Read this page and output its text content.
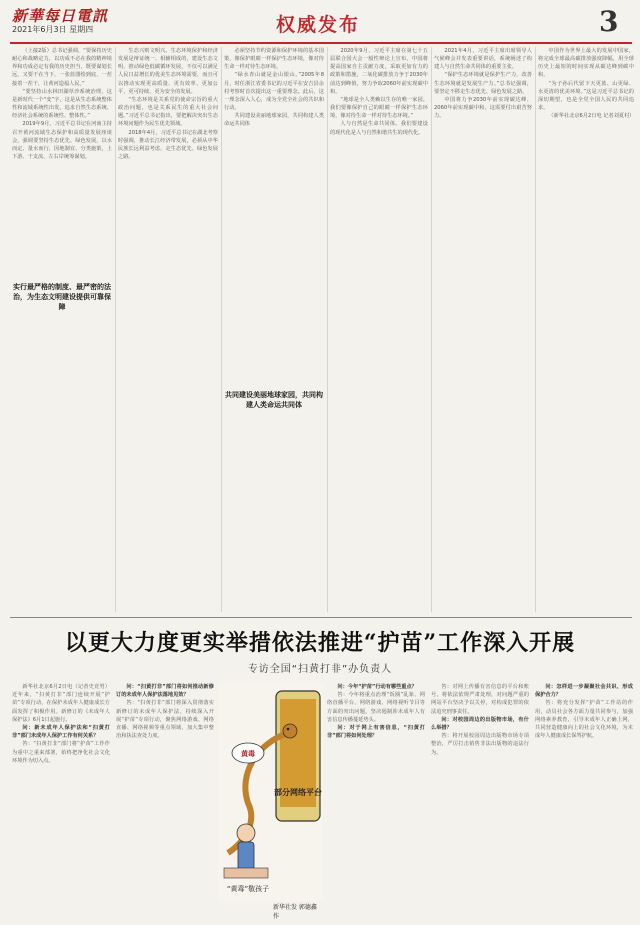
新華每日電訊
2021年6月3日 星期四	权威发布	3

（上接2版）总书记强调，“要保持历史耐心和战略定力，以功成不必在我的精神境界和功成必定有我的历史担当，既要谋划长远，又要干在当下，一张蓝图绘到底，一茬接着一茬干，让黄河造福人民。”

“要坚持山水林田湖草沙系统治理，这是新时代一个“变”字，这是从生态系统整体性和流域系统性出发，追求自然生态系统、经济社会系统的系统性、整体性。”

2019年9月，习近平总书记在河南主持召开黄河流域生态保护和高质量发展座谈会，强调要坚持生态优先、绿色发展，以水而定、量水而行，因地制宜、分类施策，上下游、干支流、左右岸统筹谋划。

生态兴则文明兴。生态环境保护和经济发展是辩证统一、相辅相成的，建设生态文明、推动绿色低碳循环发展，不仅可以满足人民日益增长的优美生态环境需要，而且可以推动实现更高质量、更有效率、更加公平、更可持续、更为安全的发展。

“生态环境是关系党的使命宗旨的重大政治问题，也是关系民生的重大社会问题。”习近平总书记指出，要把解决突出生态环境问题作为民生优先领域。

2018年4月，习近平总书记在湖北考察时强调，推动长江经济带发展，必须从中华民族长远利益考虑，走生态优先、绿色发展之路。

必须坚持节约资源和保护环境的基本国策，像保护眼睛一样保护生态环境，像对待生命一样对待生态环境。

“绿水青山就是金山银山。”2005年8月，时任浙江省委书记的习近平在安吉县余村考察时首次提出这一重要理念。此后，这一理念深入人心，成为全党全社会的共识和行动。

共同建设美丽地球家园，共同构建人类命运共同体

2020年9月，习近平主席在第七十五届联合国大会一般性辩论上宣布，中国将提高国家自主贡献力度，采取更加有力的政策和措施，二氧化碳排放力争于2030年前达到峰值，努力争取2060年前实现碳中和。

“地球是全人类赖以生存的唯一家园。我们要像保护自己的眼睛一样保护生态环境，像对待生命一样对待生态环境。”

人与自然是生命共同体。我们要建设的现代化是人与自然和谐共生的现代化。

2021年4月，习近平主席出席领导人气候峰会并发表重要讲话，系统阐述了构建人与自然生命共同体的重要主张。

“保护生态环境就是保护生产力，改善生态环境就是发展生产力。”总书记强调，要坚定不移走生态优先、绿色发展之路。

中国将力争2030年前实现碳达峰、2060年前实现碳中和，这需要付出艰苦努力。

中国作为世界上最大的发展中国家，将完成全球最高碳排放强度降幅，用全球历史上最短的时间实现从碳达峰到碳中和。

“为子孙后代留下天更蓝、山更绿、水更清的优美环境。”这是习近平总书记的深切期望，也是全党全国人民的共同追求。

（新华社北京6月2日电 记者刘夏村）

实行最严格的制度、最严密的法治，为生态文明建设提供可靠保障
共同建设美丽地球家园，共同构建人类命运共同体
以更大力度更实举措依法推进“护苗”工作深入开展
专访全国“扫黄打非”办负责人

新华社北京6月2日电（记者史竞男）近年来，“扫黄打非”部门连续开展“护苗”专项行动，在保护未成年人健康成长方面发挥了积极作用。新修订的《未成年人保护法》6月1日起施行。

问：新未成年人保护法和“扫黄打非”部门未成年人保护工作有何关系？

答：“扫黄打非”部门将“护苗”工作作为重中之重来部署，始终把净化社会文化环境作为切入点。

问：“扫黄打非”部门将如何推动新修订的未成年人保护法落地见效？

答：“扫黄打非”部门将深入贯彻落实新修订的未成年人保护法，持续深入开展“护苗”专项行动，聚焦网络游戏、网络直播、网络视频等重点领域，加大集中整治和执法查处力度。

部分网络平台
黄毒
“黄毒”敬孩子
新华社发 郭德鑫 作

问：今年“护苗”行动有哪些重点？

答：今年将重点治理“饭圈”乱象、网络直播平台、网络游戏、网络视听节目等方面的突出问题，坚决遏制涉未成年人有害信息传播蔓延势头。

问：对于网上有害信息，“扫黄打非”部门将如何处理？

答：对网上传播有害信息的平台和账号，将依法依规严肃处理，对问题严重的网站平台坚决予以关停，对构成犯罪的依法追究刑事责任。

问：对校园周边的出版物市场，有什么举措？

答：将开展校园周边出版物市场专项整治，严厉打击销售非法出版物的违法行为。

问：怎样进一步凝聚社会共识、形成保护合力？

答：将充分发挥“护苗”工作站的作用，动员社会各方面力量共同参与，加强网络素养教育，引导未成年人正确上网，共同营造健康向上的社会文化环境，为未成年人健康成长保驾护航。
